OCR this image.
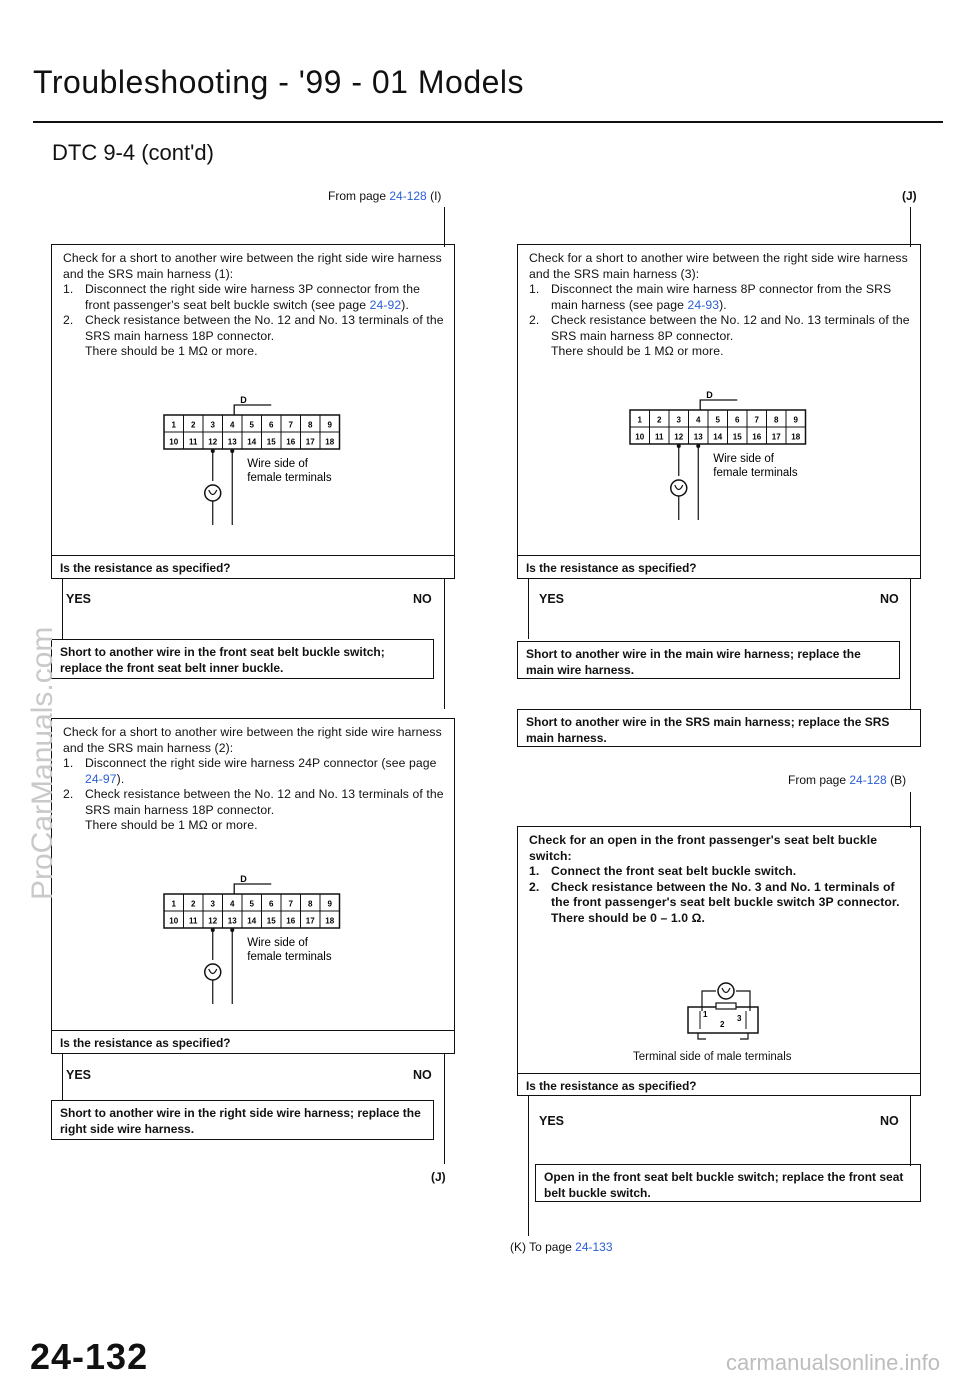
Troubleshooting - '99 - 01 Models
DTC 9-4 (cont'd)
From page 24-128 (I)	(J)

Check for a short to another wire between the right side wire harness and the SRS main harness (1):

1. Disconnect the right side wire harness 3P connector from the front passenger's seat belt buckle switch (see page 24-92).

2. Check resistance between the No. 12 and No. 13 terminals of the SRS main harness 18P connector.

There should be 1 MΩ or more.

D
1 2 3 4 5 6 7 8 9
10 11 12 13 14 15 16 17 18
Wire side of
female terminals
Is the resistance as specified?
YES	NO
Short to another wire in the front seat belt buckle switch; replace the front seat belt inner buckle.

Check for a short to another wire between the right side wire harness and the SRS main harness (2):

1. Disconnect the right side wire harness 24P connector (see page 24-97).

2. Check resistance between the No. 12 and No. 13 terminals of the SRS main harness 18P connector.

There should be 1 MΩ or more.

D
1 2 3 4 5 6 7 8 9
10 11 12 13 14 15 16 17 18
Wire side of
female terminals
Is the resistance as specified?
YES	NO
Short to another wire in the right side wire harness; replace the right side wire harness.
(J)

Check for a short to another wire between the right side wire harness and the SRS main harness (3):

1. Disconnect the main wire harness 8P connector from the SRS main harness (see page 24-93).

2. Check resistance between the No. 12 and No. 13 terminals of the SRS main harness 8P connector.

There should be 1 MΩ or more.

D
1 2 3 4 5 6 7 8 9
10 11 12 13 14 15 16 17 18
Wire side of
female terminals
Is the resistance as specified?
YES	NO
Short to another wire in the main wire harness; replace the main wire harness.
Short to another wire in the SRS main harness; replace the SRS main harness.
From page 24-128 (B)

Check for an open in the front passenger's seat belt buckle switch:

1. Connect the front seat belt buckle switch.

2. Check resistance between the No. 3 and No. 1 terminals of the front passenger's seat belt buckle switch 3P connector.

There should be 0 – 1.0 Ω.

1
2
3
Terminal side of male terminals
Is the resistance as specified?
YES	NO
Open in the front seat belt buckle switch; replace the front seat belt buckle switch.
(K) To page 24-133
24-132
ProCarManuals.com
carmanualsonline.info
